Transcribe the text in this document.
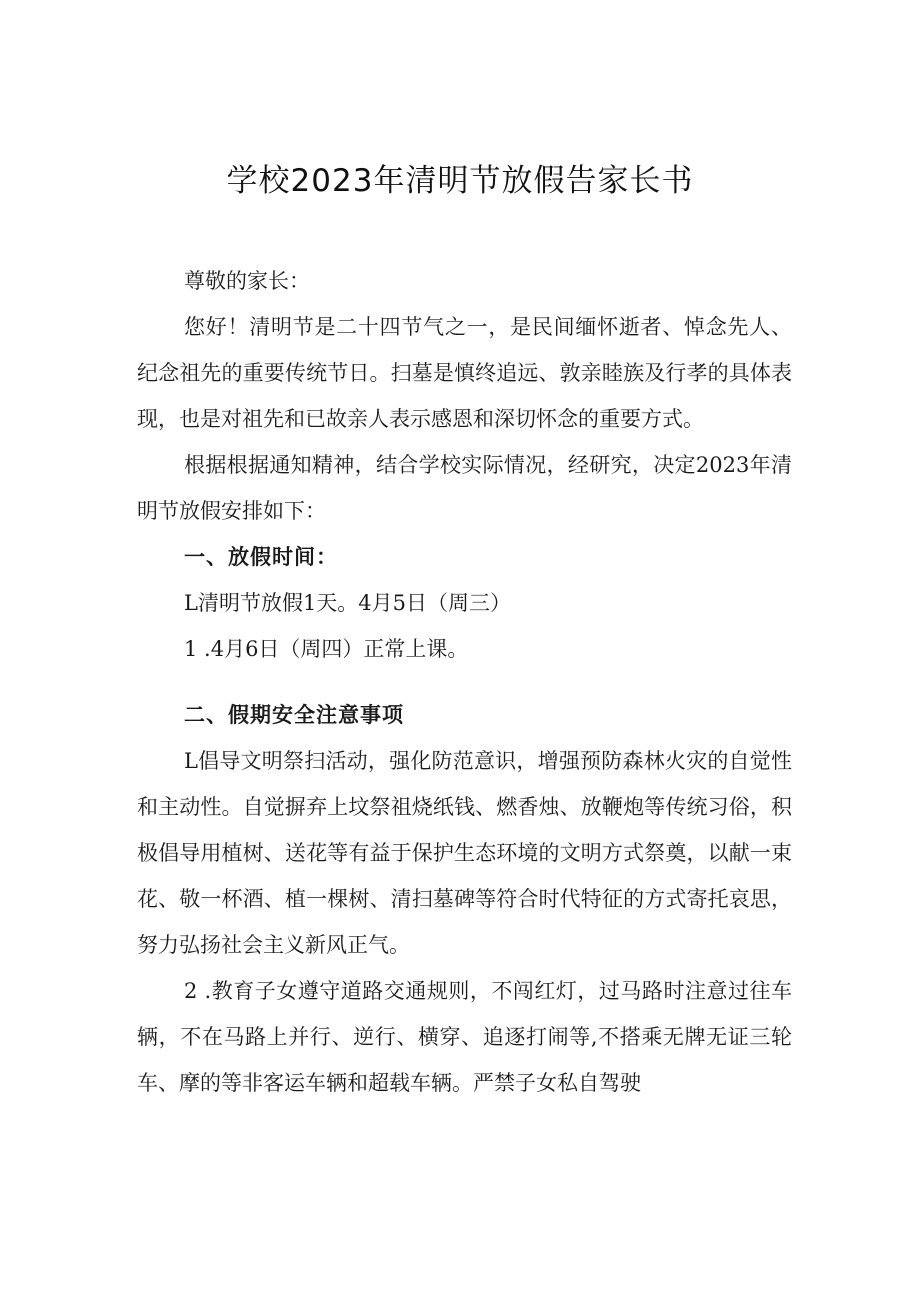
学校2023年清明节放假告家长书

尊敬的家长：

您好！清明节是二十四节气之一，是民间缅怀逝者、悼念先人、纪念祖先的重要传统节日。扫墓是慎终追远、敦亲睦族及行孝的具体表现，也是对祖先和已故亲人表示感恩和深切怀念的重要方式。

根据根据通知精神，结合学校实际情况，经研究，决定2023年清明节放假安排如下：

一、放假时间：

L清明节放假1天。4月5日（周三）

1 .4月6日（周四）正常上课。

二、假期安全注意事项

L倡导文明祭扫活动，强化防范意识，增强预防森林火灾的自觉性和主动性。自觉摒弃上坟祭祖烧纸钱、燃香烛、放鞭炮等传统习俗，积极倡导用植树、送花等有益于保护生态环境的文明方式祭奠，以献一束花、敬一杯酒、植一棵树、清扫墓碑等符合时代特征的方式寄托哀思，努力弘扬社会主义新风正气。

2 .教育子女遵守道路交通规则，不闯红灯，过马路时注意过往车辆，不在马路上并行、逆行、横穿、追逐打闹等,不搭乘无牌无证三轮车、摩的等非客运车辆和超载车辆。严禁子女私自驾驶
